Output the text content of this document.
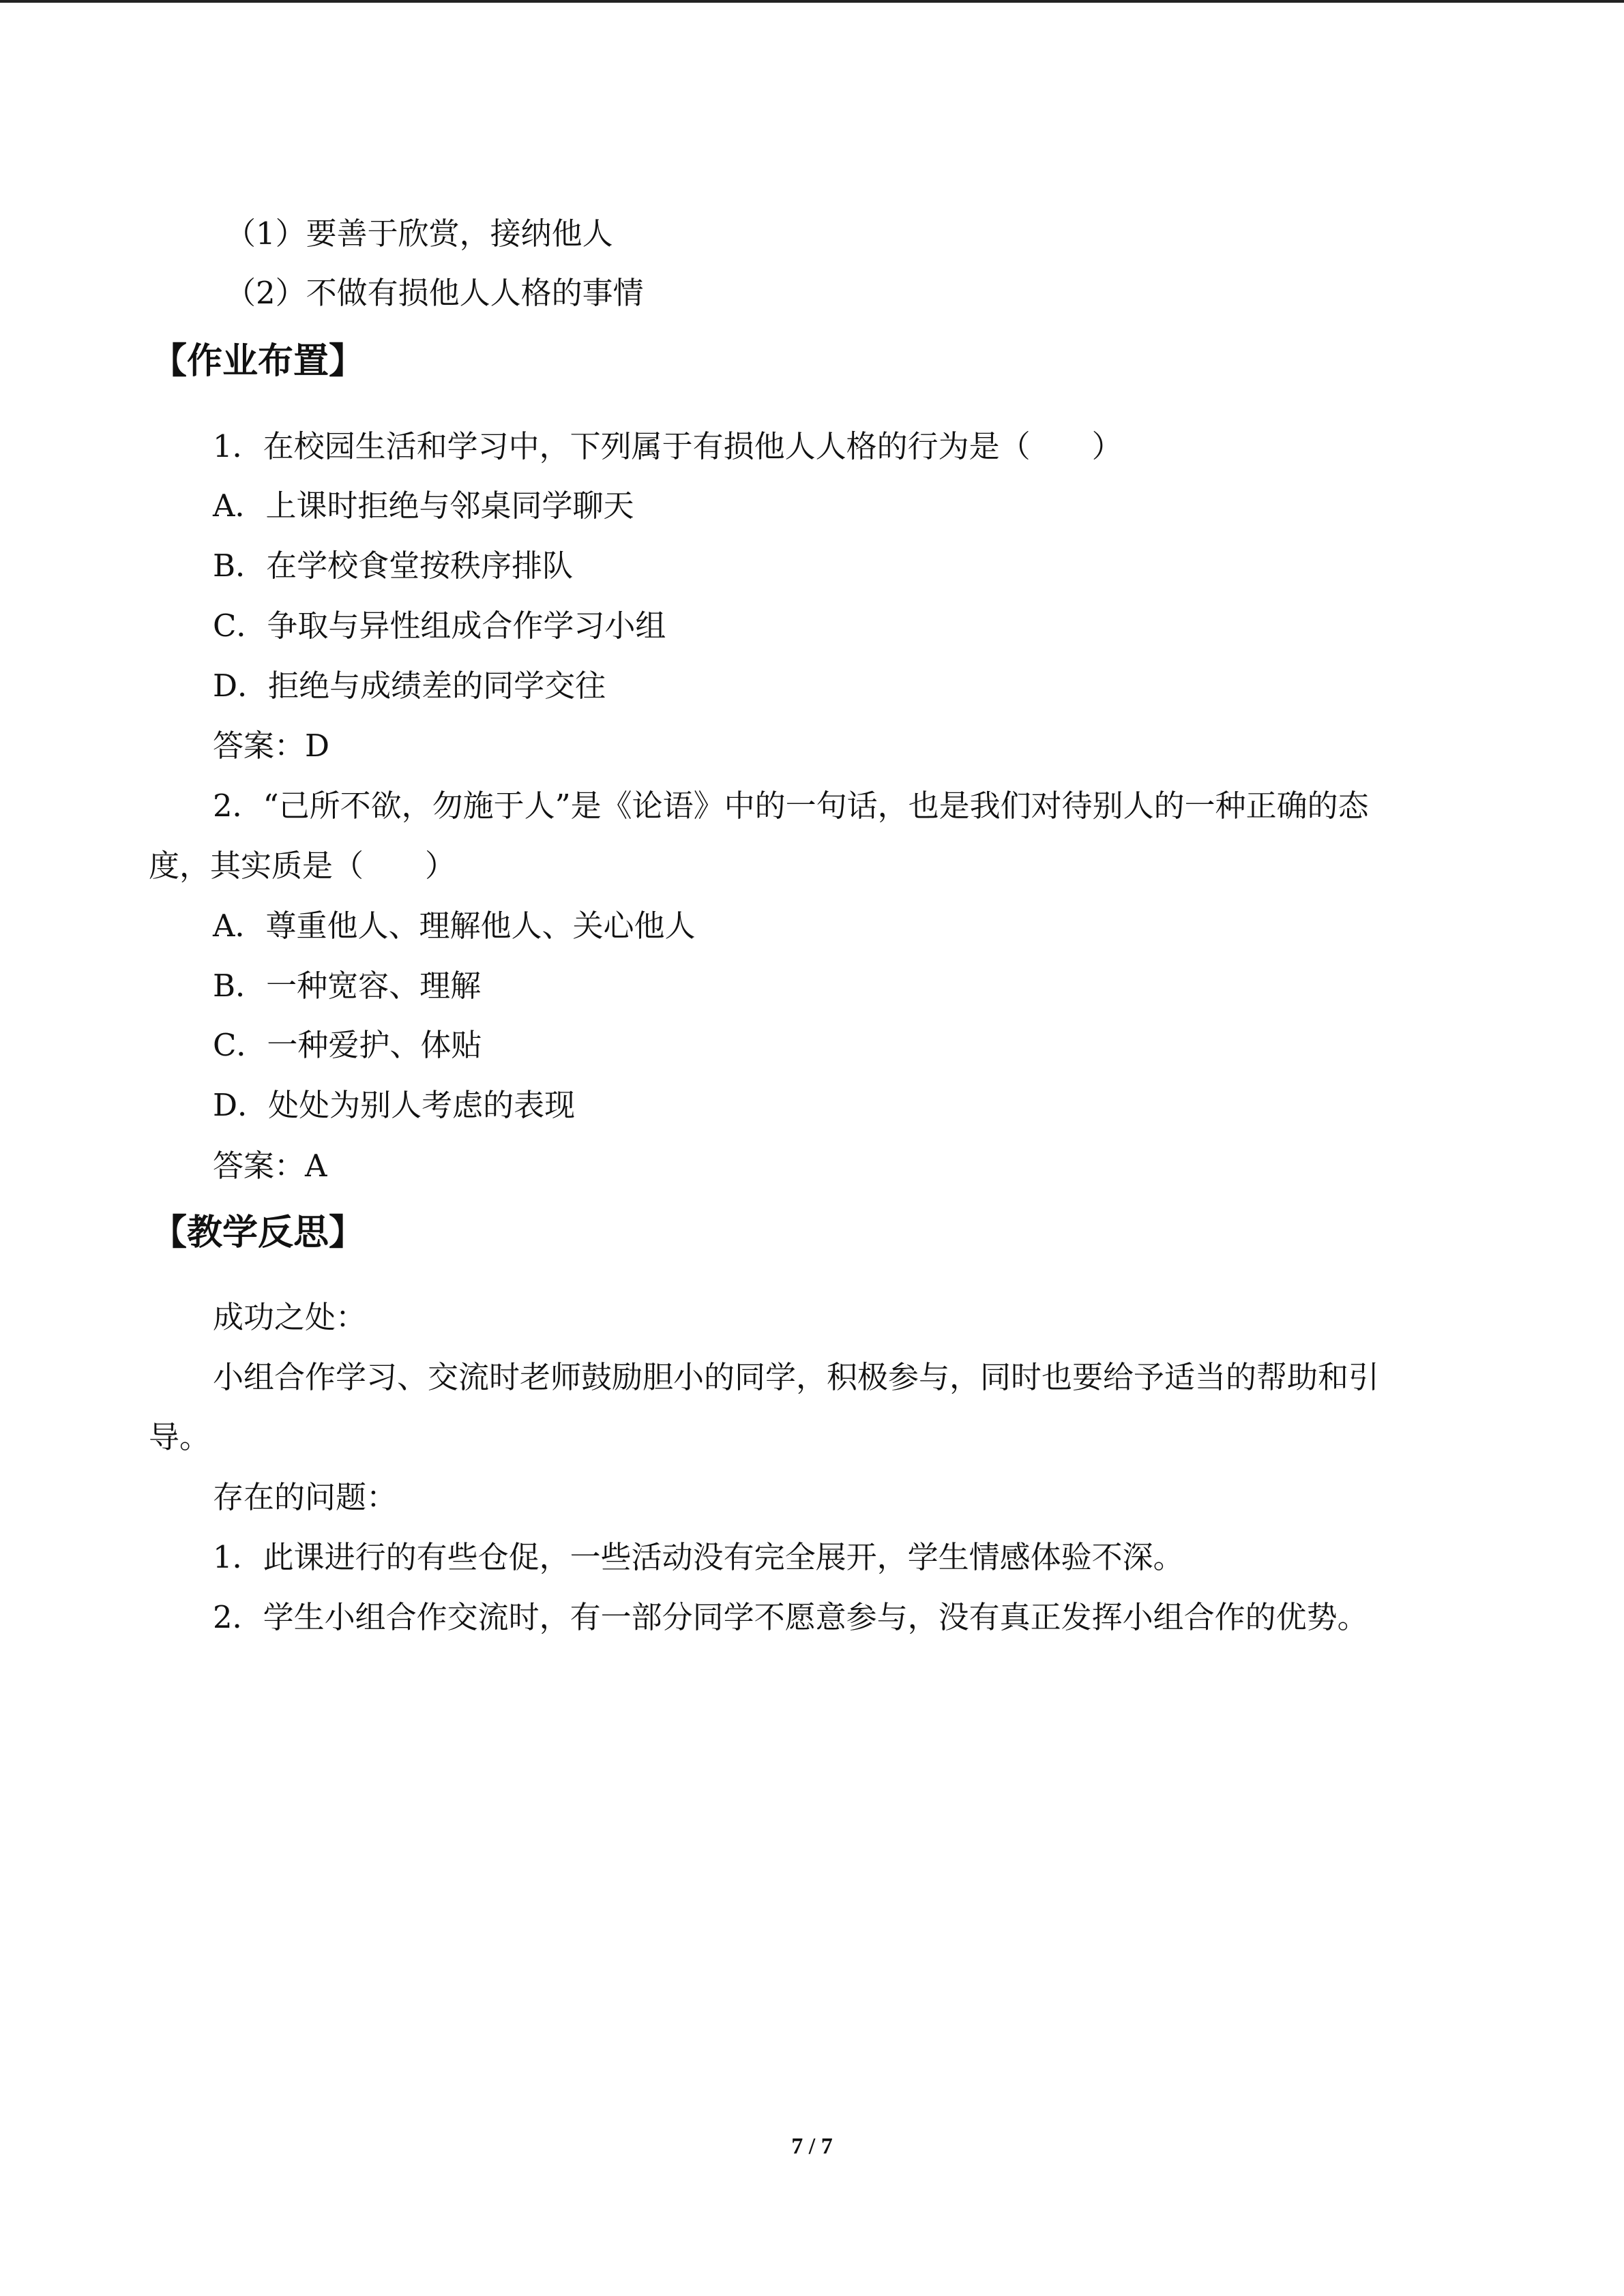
（1）要善于欣赏，接纳他人
（2）不做有损他人人格的事情
【作业布置】
1．在校园生活和学习中，下列属于有损他人人格的行为是（　　）
A．上课时拒绝与邻桌同学聊天
B．在学校食堂按秩序排队
C．争取与异性组成合作学习小组
D．拒绝与成绩差的同学交往
答案：D
2．“己所不欲，勿施于人”是《论语》中的一句话，也是我们对待别人的一种正确的态
度，其实质是（　　）
A．尊重他人、理解他人、关心他人
B．一种宽容、理解
C．一种爱护、体贴
D．处处为别人考虑的表现
答案：A
【教学反思】
成功之处：
小组合作学习、交流时老师鼓励胆小的同学，积极参与，同时也要给予适当的帮助和引
导。
存在的问题：
1．此课进行的有些仓促，一些活动没有完全展开，学生情感体验不深。
2．学生小组合作交流时，有一部分同学不愿意参与，没有真正发挥小组合作的优势。
7 / 7
